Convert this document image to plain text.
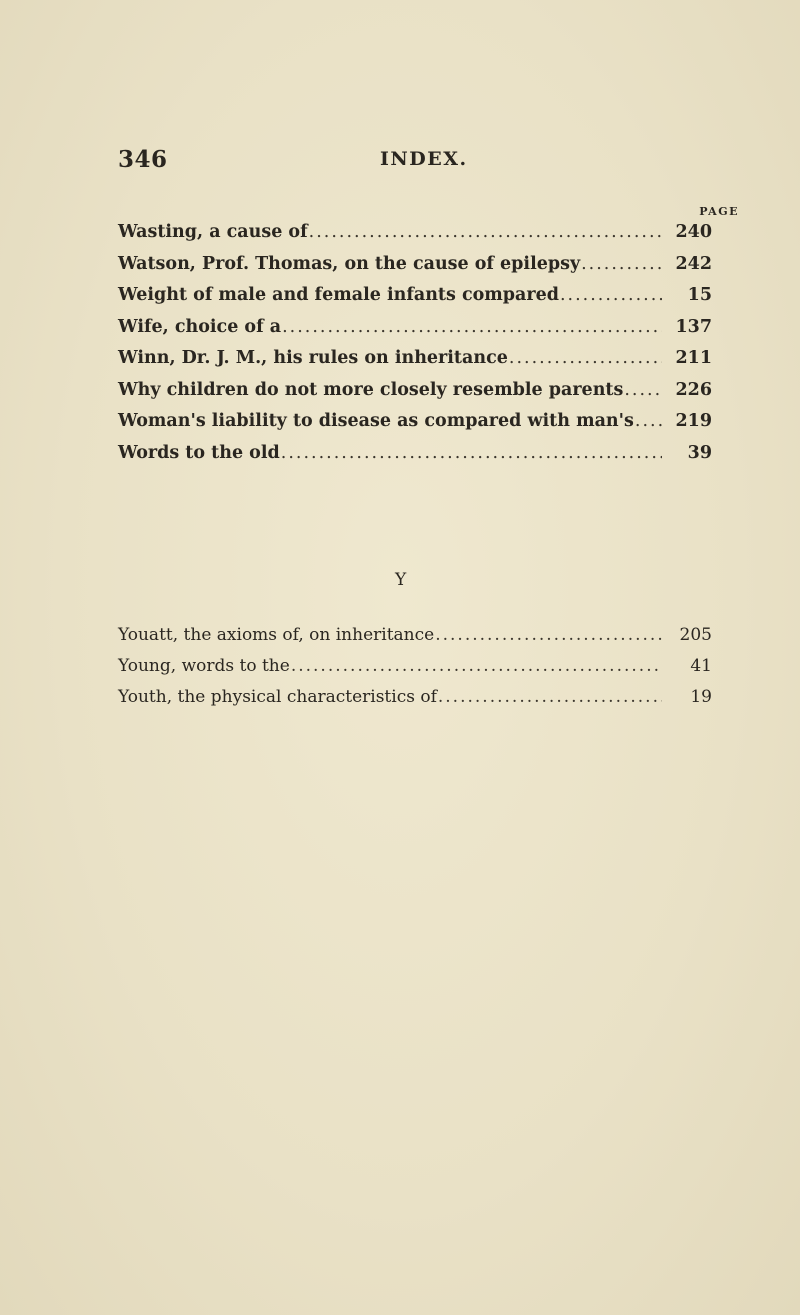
346	INDEX.
PAGE
Wasting, a cause of .....	240
Watson, Prof. Thomas, on the cause of epilepsy .....	242
Weight of male and female infants compared .....	15
Wife, choice of a .....	137
Winn, Dr. J. M., his rules on inheritance .....	211
Why children do not more closely resemble parents .....	226
Woman's liability to disease as compared with man's .....	219
Words to the old .....	39
Y
Youatt, the axioms of, on inheritance .....	205
Young, words to the .....	41
Youth, the physical characteristics of .....	19
